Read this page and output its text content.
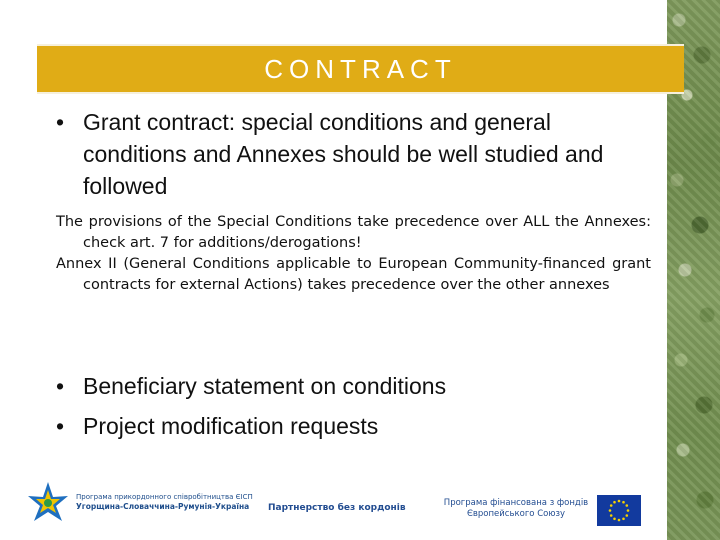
CONTRACT
• Grant contract: special conditions and general conditions and Annexes should be well studied and followed
The provisions of the Special Conditions take precedence over ALL the Annexes: check art. 7 for additions/derogations!
Annex II (General Conditions applicable to European Community-financed grant contracts for external Actions) takes precedence over the other annexes
• Beneficiary statement on conditions
• Project modification requests
Програма прикордонного співробітництва ЄІСП
Угорщина-Словаччина-Румунія-Україна	Партнерство без кордонів	Програма фінансована з фондів
Європейського Союзу
